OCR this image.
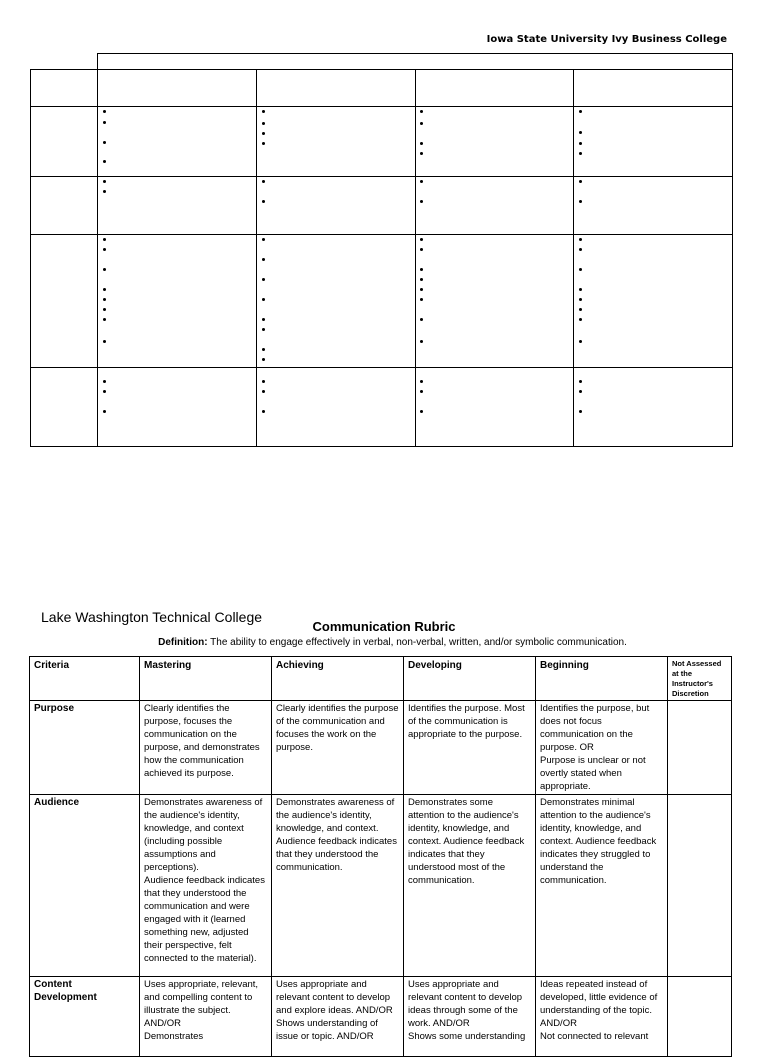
Iowa State University Ivy Business College
Lake Washington Technical College
Communication Rubric
Definition: The ability to engage effectively in verbal, non-verbal, written, and/or symbolic communication.
Criteria	Mastering	Achieving	Developing	Beginning	Not Assessed at the Instructor's Discretion
Purpose	Clearly identifies the purpose, focuses the communication on the purpose, and demonstrates how the communication achieved its purpose.	Clearly identifies the purpose of the communication and focuses the work on the purpose.	Identifies the purpose. Most of the communication is appropriate to the purpose.	Identifies the purpose, but does not focus communication on the purpose. OR
Purpose is unclear or not overtly stated when appropriate.	
Audience	Demonstrates awareness of the audience's identity, knowledge, and context (including possible assumptions and perceptions).
Audience feedback indicates that they understood the communication and were engaged with it (learned something new, adjusted their perspective, felt connected to the material).	Demonstrates awareness of the audience's identity, knowledge, and context.
Audience feedback indicates that they understood the communication.	Demonstrates some attention to the audience's identity, knowledge, and context. Audience feedback indicates that they understood most of the communication.	Demonstrates minimal attention to the audience's identity, knowledge, and context. Audience feedback indicates they struggled to understand the communication.	
Content Development	Uses appropriate, relevant, and compelling content to illustrate the subject.
AND/OR
Demonstrates	Uses appropriate and relevant content to develop and explore ideas. AND/OR Shows understanding of issue or topic. AND/OR	Uses appropriate and relevant content to develop ideas through some of the work. AND/OR
Shows some understanding	Ideas repeated instead of developed, little evidence of understanding of the topic. AND/OR
Not connected to relevant	
